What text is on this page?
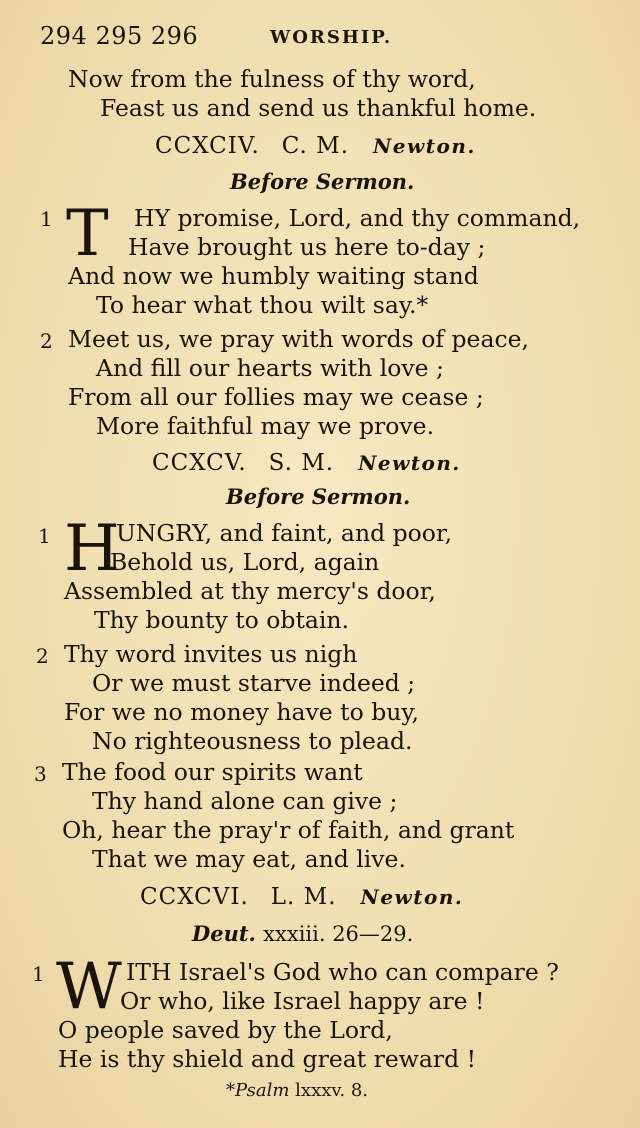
294 295 296	WORSHIP.
Now from the fulness of thy word,
Feast us and send us thankful home.
CCXCIV. C. M. Newton.
Before Sermon.
1 T HY promise, Lord, and thy command,
Have brought us here to-day ;
And now we humbly waiting stand
To hear what thou wilt say.*
2 Meet us, we pray with words of peace,
And fill our hearts with love ;
From all our follies may we cease ;
More faithful may we prove.
CCXCV. S. M. Newton.
Before Sermon.
1 H
UNGRY, and faint, and poor,
Behold us, Lord, again
Assembled at thy mercy's door,
Thy bounty to obtain.
2 Thy word invites us nigh
Or we must starve indeed ;
For we no money have to buy,
No righteousness to plead.
3 The food our spirits want
Thy hand alone can give ;
Oh, hear the pray'r of faith, and grant
That we may eat, and live.
CCXCVI. L. M. Newton.
Deut. xxxiii. 26—29.
1 W ITH Israel's God who can compare ?
Or who, like Israel happy are !
O people saved by the Lord,
He is thy shield and great reward !
*Psalm lxxxv. 8.
